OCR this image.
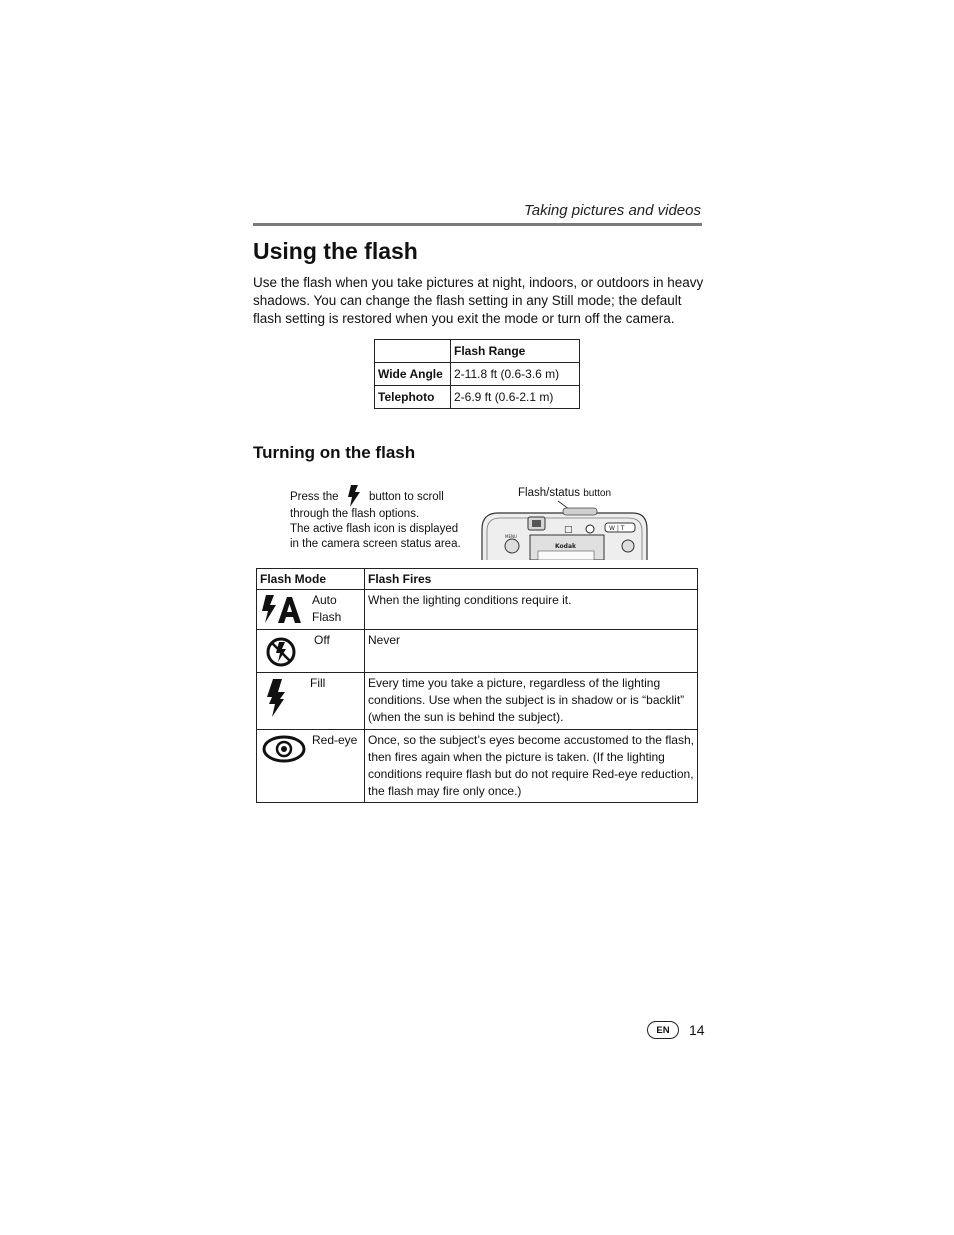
Taking pictures and videos
Using the flash
Use the flash when you take pictures at night, indoors, or outdoors in heavy shadows. You can change the flash setting in any Still mode; the default flash setting is restored when you exit the mode or turn off the camera.
	Flash Range
Wide Angle	2-11.8 ft (0.6-3.6 m)
Telephoto	2-6.9 ft (0.6-2.1 m)
Turning on the flash
Press the	button to scroll
through the flash options.
The active flash icon is displayed
in the camera screen status area.
Flash/status button
□	W | T
MENU
Kodak
Flash Mode	Flash Fires

Auto Flash	When the lighting conditions require it.

Off	Never

Fill	Every time you take a picture, regardless of the lighting conditions. Use when the subject is in shadow or is “backlit” (when the sun is behind the subject).

Red-eye	Once, so the subject’s eyes become accustomed to the flash, then fires again when the picture is taken. (If the lighting conditions require flash but do not require Red-eye reduction, the flash may fire only once.)
EN	14
